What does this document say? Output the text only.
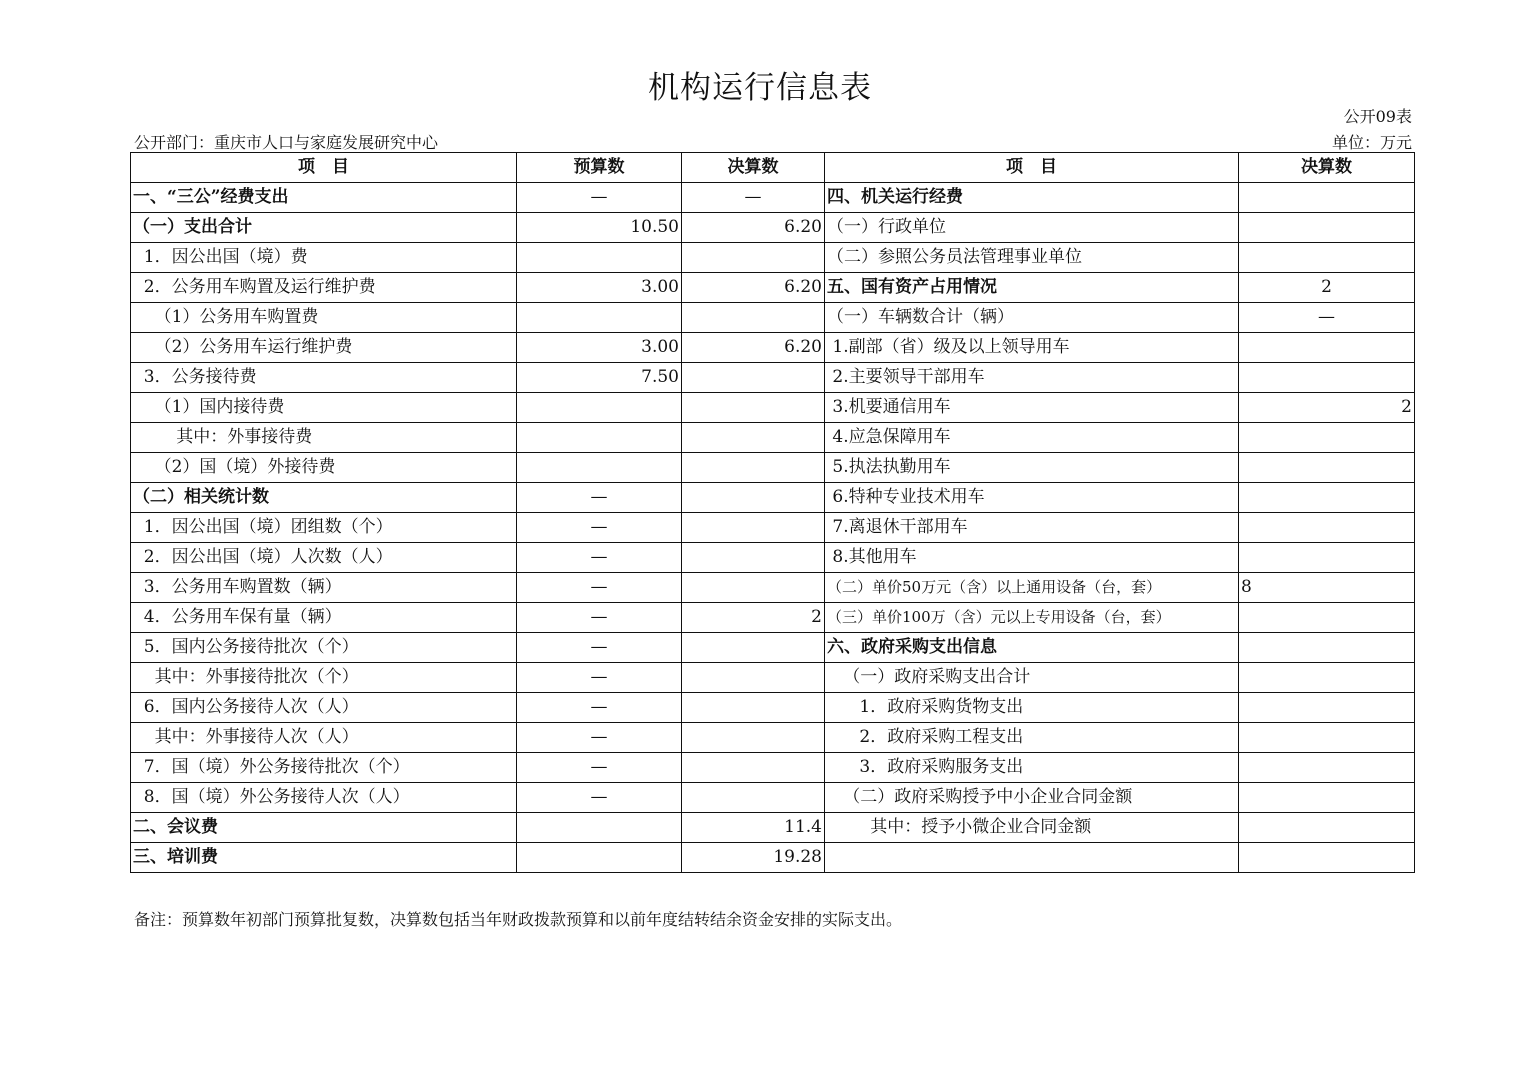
机构运行信息表
公开09表
公开部门：重庆市人口与家庭发展研究中心	单位：万元
项　目	预算数	决算数	项　目	决算数
一、“三公”经费支出	—	—	四、机关运行经费	
（一）支出合计	10.50	6.20	（一）行政单位	
1．因公出国（境）费			（二）参照公务员法管理事业单位	
2．公务用车购置及运行维护费	3.00	6.20	五、国有资产占用情况	2
（1）公务用车购置费			（一）车辆数合计（辆）	—
（2）公务用车运行维护费	3.00	6.20	1.副部（省）级及以上领导用车	
3．公务接待费	7.50		2.主要领导干部用车	
（1）国内接待费			3.机要通信用车	2
其中：外事接待费			4.应急保障用车	
（2）国（境）外接待费			5.执法执勤用车	
（二）相关统计数	—		6.特种专业技术用车	
1．因公出国（境）团组数（个）	—		7.离退休干部用车	
2．因公出国（境）人次数（人）	—		8.其他用车	
3．公务用车购置数（辆）	—		（二）单价50万元（含）以上通用设备（台，套）	8
4．公务用车保有量（辆）	—	2	（三）单价100万（含）元以上专用设备（台，套）	
5．国内公务接待批次（个）	—		六、政府采购支出信息	
其中：外事接待批次（个）	—		（一）政府采购支出合计	
6．国内公务接待人次（人）	—		1．政府采购货物支出	
其中：外事接待人次（人）	—		2．政府采购工程支出	
7．国（境）外公务接待批次（个）	—		3．政府采购服务支出	
8．国（境）外公务接待人次（人）	—		（二）政府采购授予中小企业合同金额	
二、会议费		11.4	其中：授予小微企业合同金额	
三、培训费		19.28		
备注：预算数年初部门预算批复数，决算数包括当年财政拨款预算和以前年度结转结余资金安排的实际支出。
